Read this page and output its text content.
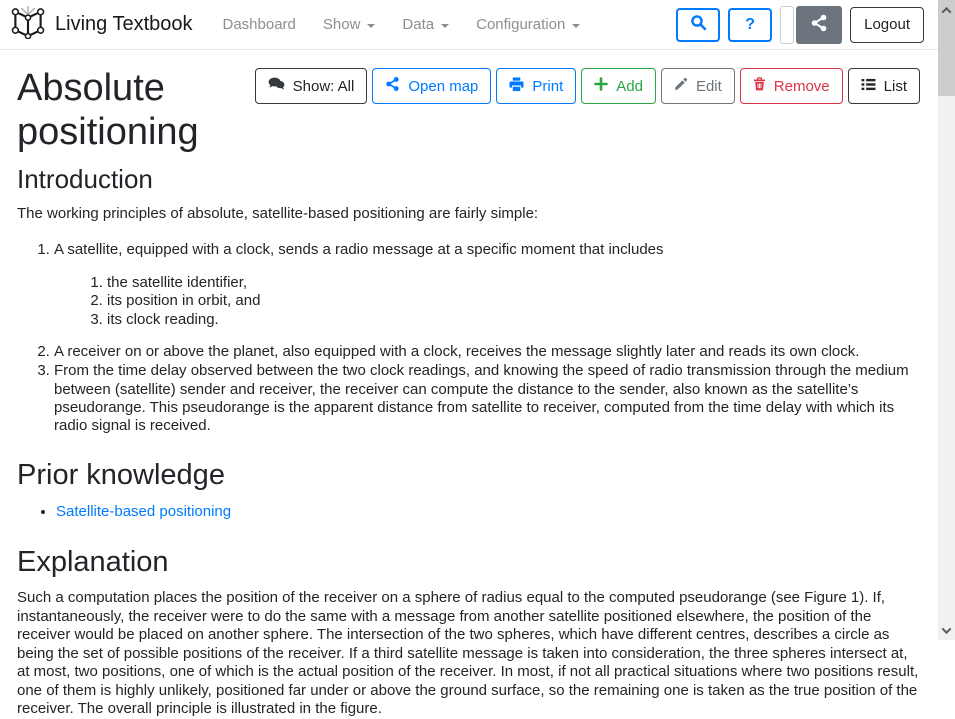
Living Textbook Dashboard Show	Data	Configuration	?	Logout
Absolute positioning
Show: All	Open map	Print	Add	Edit	Remove	List
Introduction

The working principles of absolute, satellite-based positioning are fairly simple:

1. A satellite, equipped with a clock, sends a radio message at a specific moment that includes
1. the satellite identifier,
2. its position in orbit, and
3. its clock reading.
2. A receiver on or above the planet, also equipped with a clock, receives the message slightly later and reads its own clock.
3. From the time delay observed between the two clock readings, and knowing the speed of radio transmission through the medium between (satellite) sender and receiver, the receiver can compute the distance to the sender, also known as the satellite’s pseudorange. This pseudorange is the apparent distance from satellite to receiver, computed from the time delay with which its radio signal is received.
Prior knowledge
• Satellite-based positioning
Explanation

Such a computation places the position of the receiver on a sphere of radius equal to the computed pseudorange (see Figure 1). If, instantaneously, the receiver were to do the same with a message from another satellite positioned elsewhere, the position of the receiver would be placed on another sphere. The intersection of the two spheres, which have different centres, describes a circle as being the set of possible positions of the receiver. If a third satellite message is taken into consideration, the three spheres intersect at, at most, two positions, one of which is the actual position of the receiver. In most, if not all practical situations where two positions result, one of them is highly unlikely, positioned far under or above the ground surface, so the remaining one is taken as the true position of the receiver. The overall principle is illustrated in the figure.
